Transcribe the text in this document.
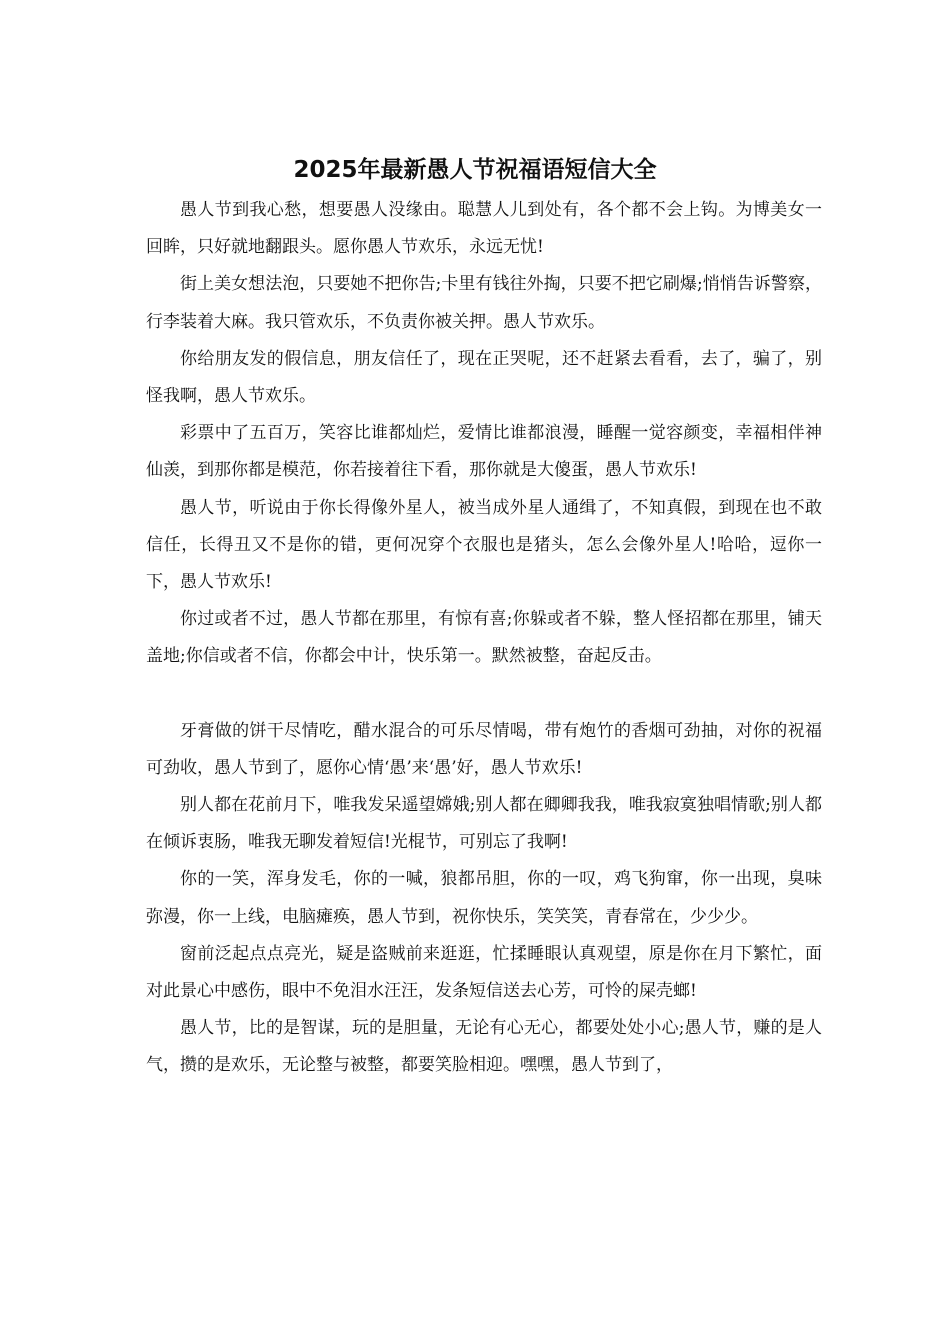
2025年最新愚人节祝福语短信大全

愚人节到我心愁，想要愚人没缘由。聪慧人儿到处有，各个都不会上钩。为博美女一回眸，只好就地翻跟头。愿你愚人节欢乐，永远无忧!

街上美女想法泡，只要她不把你告;卡里有钱往外掏，只要不把它刷爆;悄悄告诉警察，行李装着大麻。我只管欢乐，不负责你被关押。愚人节欢乐。

你给朋友发的假信息，朋友信任了，现在正哭呢，还不赶紧去看看，去了，骗了，别怪我啊，愚人节欢乐。

彩票中了五百万，笑容比谁都灿烂，爱情比谁都浪漫，睡醒一觉容颜变，幸福相伴神仙羡，到那你都是模范，你若接着往下看，那你就是大傻蛋，愚人节欢乐!

愚人节，听说由于你长得像外星人，被当成外星人通缉了，不知真假，到现在也不敢信任，长得丑又不是你的错，更何况穿个衣服也是猪头，怎么会像外星人!哈哈，逗你一下，愚人节欢乐!

你过或者不过，愚人节都在那里，有惊有喜;你躲或者不躲，整人怪招都在那里，铺天盖地;你信或者不信，你都会中计，快乐第一。默然被整，奋起反击。

牙膏做的饼干尽情吃，醋水混合的可乐尽情喝，带有炮竹的香烟可劲抽，对你的祝福可劲收，愚人节到了，愿你心情‘愚’来‘愚’好，愚人节欢乐!

别人都在花前月下，唯我发呆遥望嫦娥;别人都在卿卿我我，唯我寂寞独唱情歌;别人都在倾诉衷肠，唯我无聊发着短信!光棍节，可别忘了我啊!

你的一笑，浑身发毛，你的一喊，狼都吊胆，你的一叹，鸡飞狗窜，你一出现，臭味弥漫，你一上线，电脑瘫痪，愚人节到，祝你快乐，笑笑笑，青春常在，少少少。

窗前泛起点点亮光，疑是盗贼前来逛逛，忙揉睡眼认真观望，原是你在月下繁忙，面对此景心中感伤，眼中不免泪水汪汪，发条短信送去心芳，可怜的屎壳螂!

愚人节，比的是智谋，玩的是胆量，无论有心无心，都要处处小心;愚人节，赚的是人气，攒的是欢乐，无论整与被整，都要笑脸相迎。嘿嘿，愚人节到了，
